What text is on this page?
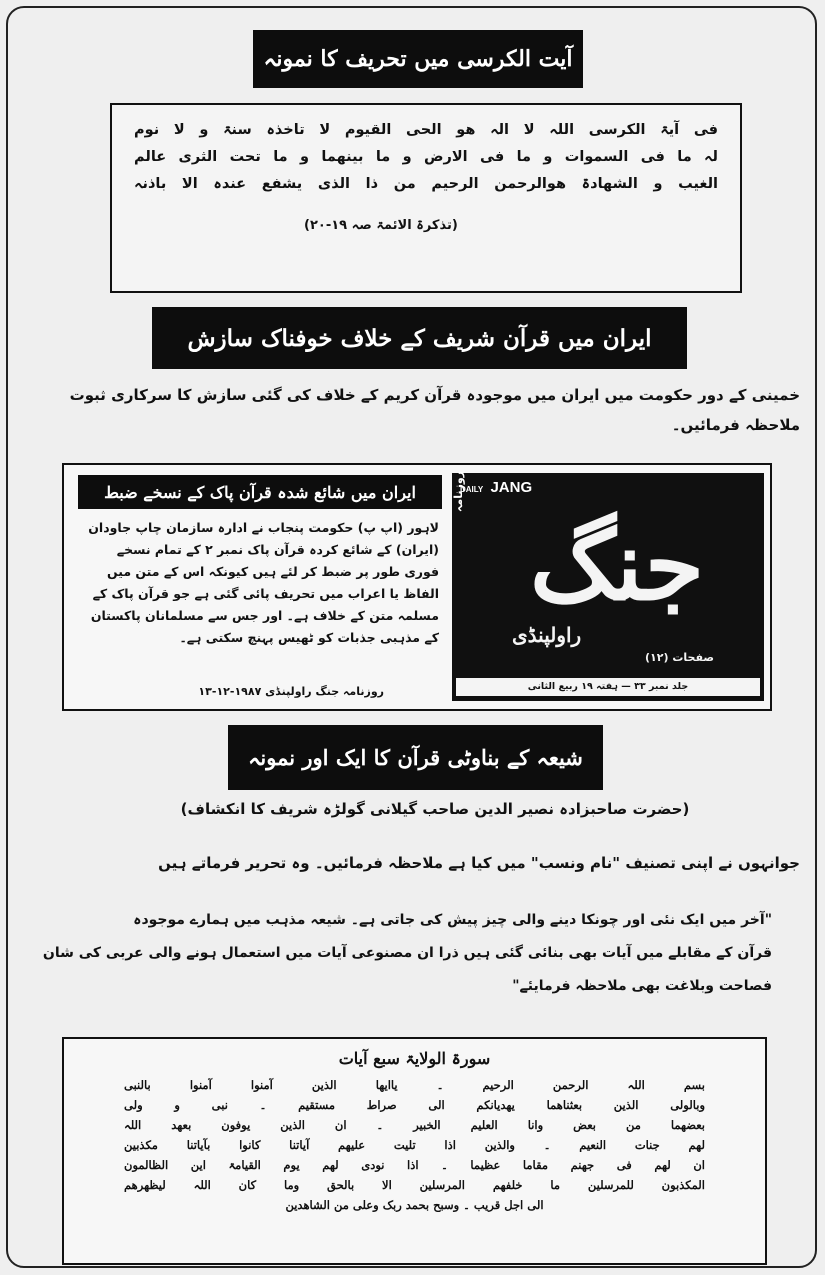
آیت الکرسی میں تحریف کا نمونہ
فی آیۃ الکرسی اللہ لا الہ ھو الحی القیوم لا تاخذہ سنۃ و لا نوم
لہ ما فی السموات و ما فی الارض و ما بینھما و ما تحت الثری عالم
الغیب و الشھادۃ ھوالرحمن الرحیم من ذا الذی یشفع عندہ الا باذنہ
(تذکرۃ الائمۃ صہ ۱۹-۲۰)
ایران میں قرآن شریف کے خلاف خوفناک سازش
خمینی کے دور حکومت میں ایران میں موجودہ قرآن کریم کے خلاف کی گئی سازش کا سرکاری ثبوت ملاحظہ فرمائیں۔
DAILY JANG
روزنامہ
جنگ
راولپنڈی
صفحات (۱۲)
جلد نمبر ۳۳ — ہفتہ ۱۹ ربیع الثانی
ایران میں شائع شدہ قرآن پاک کے نسخے ضبط
لاہور (اپ پ) حکومت پنجاب نے ادارہ سازمان چاپ جاودان (ایران) کے شائع کردہ قرآن پاک نمبر ۲ کے تمام نسخے فوری طور پر ضبط کر لئے ہیں کیونکہ اس کے متن میں الفاظ یا اعراب میں تحریف پائی گئی ہے جو قرآن پاک کے مسلمہ متن کے خلاف ہے۔ اور جس سے مسلمانان پاکستان کے مذہبی جذبات کو ٹھیس پہنچ سکتی ہے۔
روزنامہ جنگ راولپنڈی ۱۹۸۷-۱۲-۱۳
شیعہ کے بناوٹی قرآن کا ایک اور نمونہ
(حضرت صاحبزادہ نصیر الدین صاحب گیلانی گولڑہ شریف کا انکشاف)
جوانہوں نے اپنی تصنیف "نام ونسب" میں کیا ہے ملاحظہ فرمائیں۔ وہ تحریر فرماتے ہیں
"آخر میں ایک نئی اور چونکا دینے والی چیز پیش کی جاتی ہے۔ شیعہ مذہب میں ہمارے موجودہ
قرآن کے مقابلے میں آیات بھی بنائی گئی ہیں ذرا ان مصنوعی آیات میں استعمال ہونے والی عربی کی شان
فصاحت وبلاغت بھی ملاحظہ فرمایئے"
سورۃ الولایۃ سبع آیات
بسم اللہ الرحمن الرحیم ۔ یاایھا الذین آمنوا آمنوا بالنبی
وبالولی الذین بعثناھما یھدیانکم الی صراط مستقیم ۔ نبی و ولی
بعضھما من بعض وانا العلیم الخبیر ۔ ان الذین یوفون بعھد اللہ
لھم جنات النعیم ۔ والذین اذا تلیت علیھم آیاتنا کانوا بآیاتنا مکذبین
ان لھم فی جھنم مقاما عظیما ۔ اذا نودی لھم یوم القیامۃ این الظالمون
المکذبون للمرسلین ما خلفھم المرسلین الا بالحق وما کان اللہ لیظھرھم
الی اجل قریب ۔ وسبح بحمد ربک وعلی من الشاھدین
